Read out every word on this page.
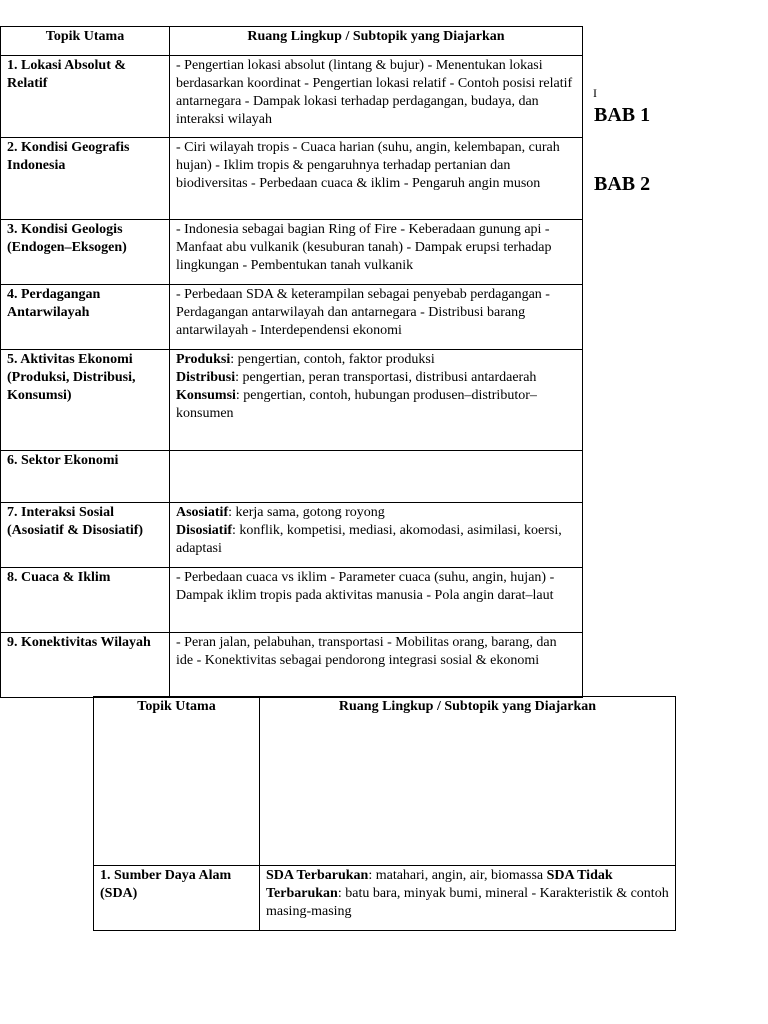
Topik Utama	Ruang Lingkup / Subtopik yang Diajarkan
1. Lokasi Absolut & Relatif	- Pengertian lokasi absolut (lintang & bujur) - Menentukan lokasi berdasarkan koordinat - Pengertian lokasi relatif - Contoh posisi relatif antarnegara - Dampak lokasi terhadap perdagangan, budaya, dan interaksi wilayah

2. Kondisi Geografis Indonesia	- Ciri wilayah tropis - Cuaca harian (suhu, angin, kelembapan, curah hujan) - Iklim tropis & pengaruhnya terhadap pertanian dan biodiversitas - Perbedaan cuaca & iklim - Pengaruh angin muson

3. Kondisi Geologis (Endogen–Eksogen)	- Indonesia sebagai bagian Ring of Fire - Keberadaan gunung api - Manfaat abu vulkanik (kesuburan tanah) - Dampak erupsi terhadap lingkungan - Pembentukan tanah vulkanik

4. Perdagangan Antarwilayah	- Perbedaan SDA & keterampilan sebagai penyebab perdagangan - Perdagangan antarwilayah dan antarnegara - Distribusi barang antarwilayah - Interdependensi ekonomi

5. Aktivitas Ekonomi (Produksi, Distribusi, Konsumsi)	Produksi: pengertian, contoh, faktor produksi
Distribusi: pengertian, peran transportasi, distribusi antardaerah
Konsumsi: pengertian, contoh, hubungan produsen–distributor–konsumen

6. Sektor Ekonomi	
7. Interaksi Sosial (Asosiatif & Disosiatif)	Asosiatif: kerja sama, gotong royong
Disosiatif: konflik, kompetisi, mediasi, akomodasi, asimilasi, koersi, adaptasi

8. Cuaca & Iklim	- Perbedaan cuaca vs iklim - Parameter cuaca (suhu, angin, hujan) - Dampak iklim tropis pada aktivitas manusia - Pola angin darat–laut

9. Konektivitas Wilayah	- Peran jalan, pelabuhan, transportasi - Mobilitas orang, barang, dan ide - Konektivitas sebagai pendorong integrasi sosial & ekonomi
I
BAB 1
BAB 2
Topik Utama	Ruang Lingkup / Subtopik yang Diajarkan
1. Sumber Daya Alam (SDA)	SDA Terbarukan: matahari, angin, air, biomassa SDA Tidak Terbarukan: batu bara, minyak bumi, mineral - Karakteristik & contoh masing-masing
